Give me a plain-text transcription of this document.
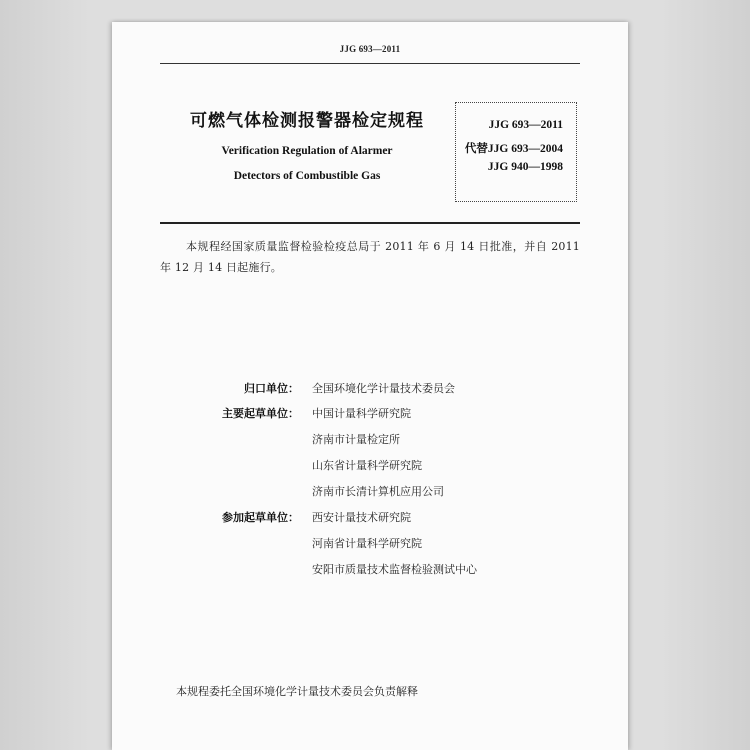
JJG 693—2011
可燃气体检测报警器检定规程
Verification Regulation of Alarmer
Detectors of Combustible Gas
JJG 693—2011
代替JJG 693—2004
JJG 940—1998
本规程经国家质量监督检验检疫总局于 2011 年 6 月 14 日批准，并自 2011 年 12 月 14 日起施行。
归口单位： 全国环境化学计量技术委员会
主要起草单位： 中国计量科学研究院
济南市计量检定所
山东省计量科学研究院
济南市长清计算机应用公司
参加起草单位： 西安计量技术研究院
河南省计量科学研究院
安阳市质量技术监督检验测试中心
本规程委托全国环境化学计量技术委员会负责解释
